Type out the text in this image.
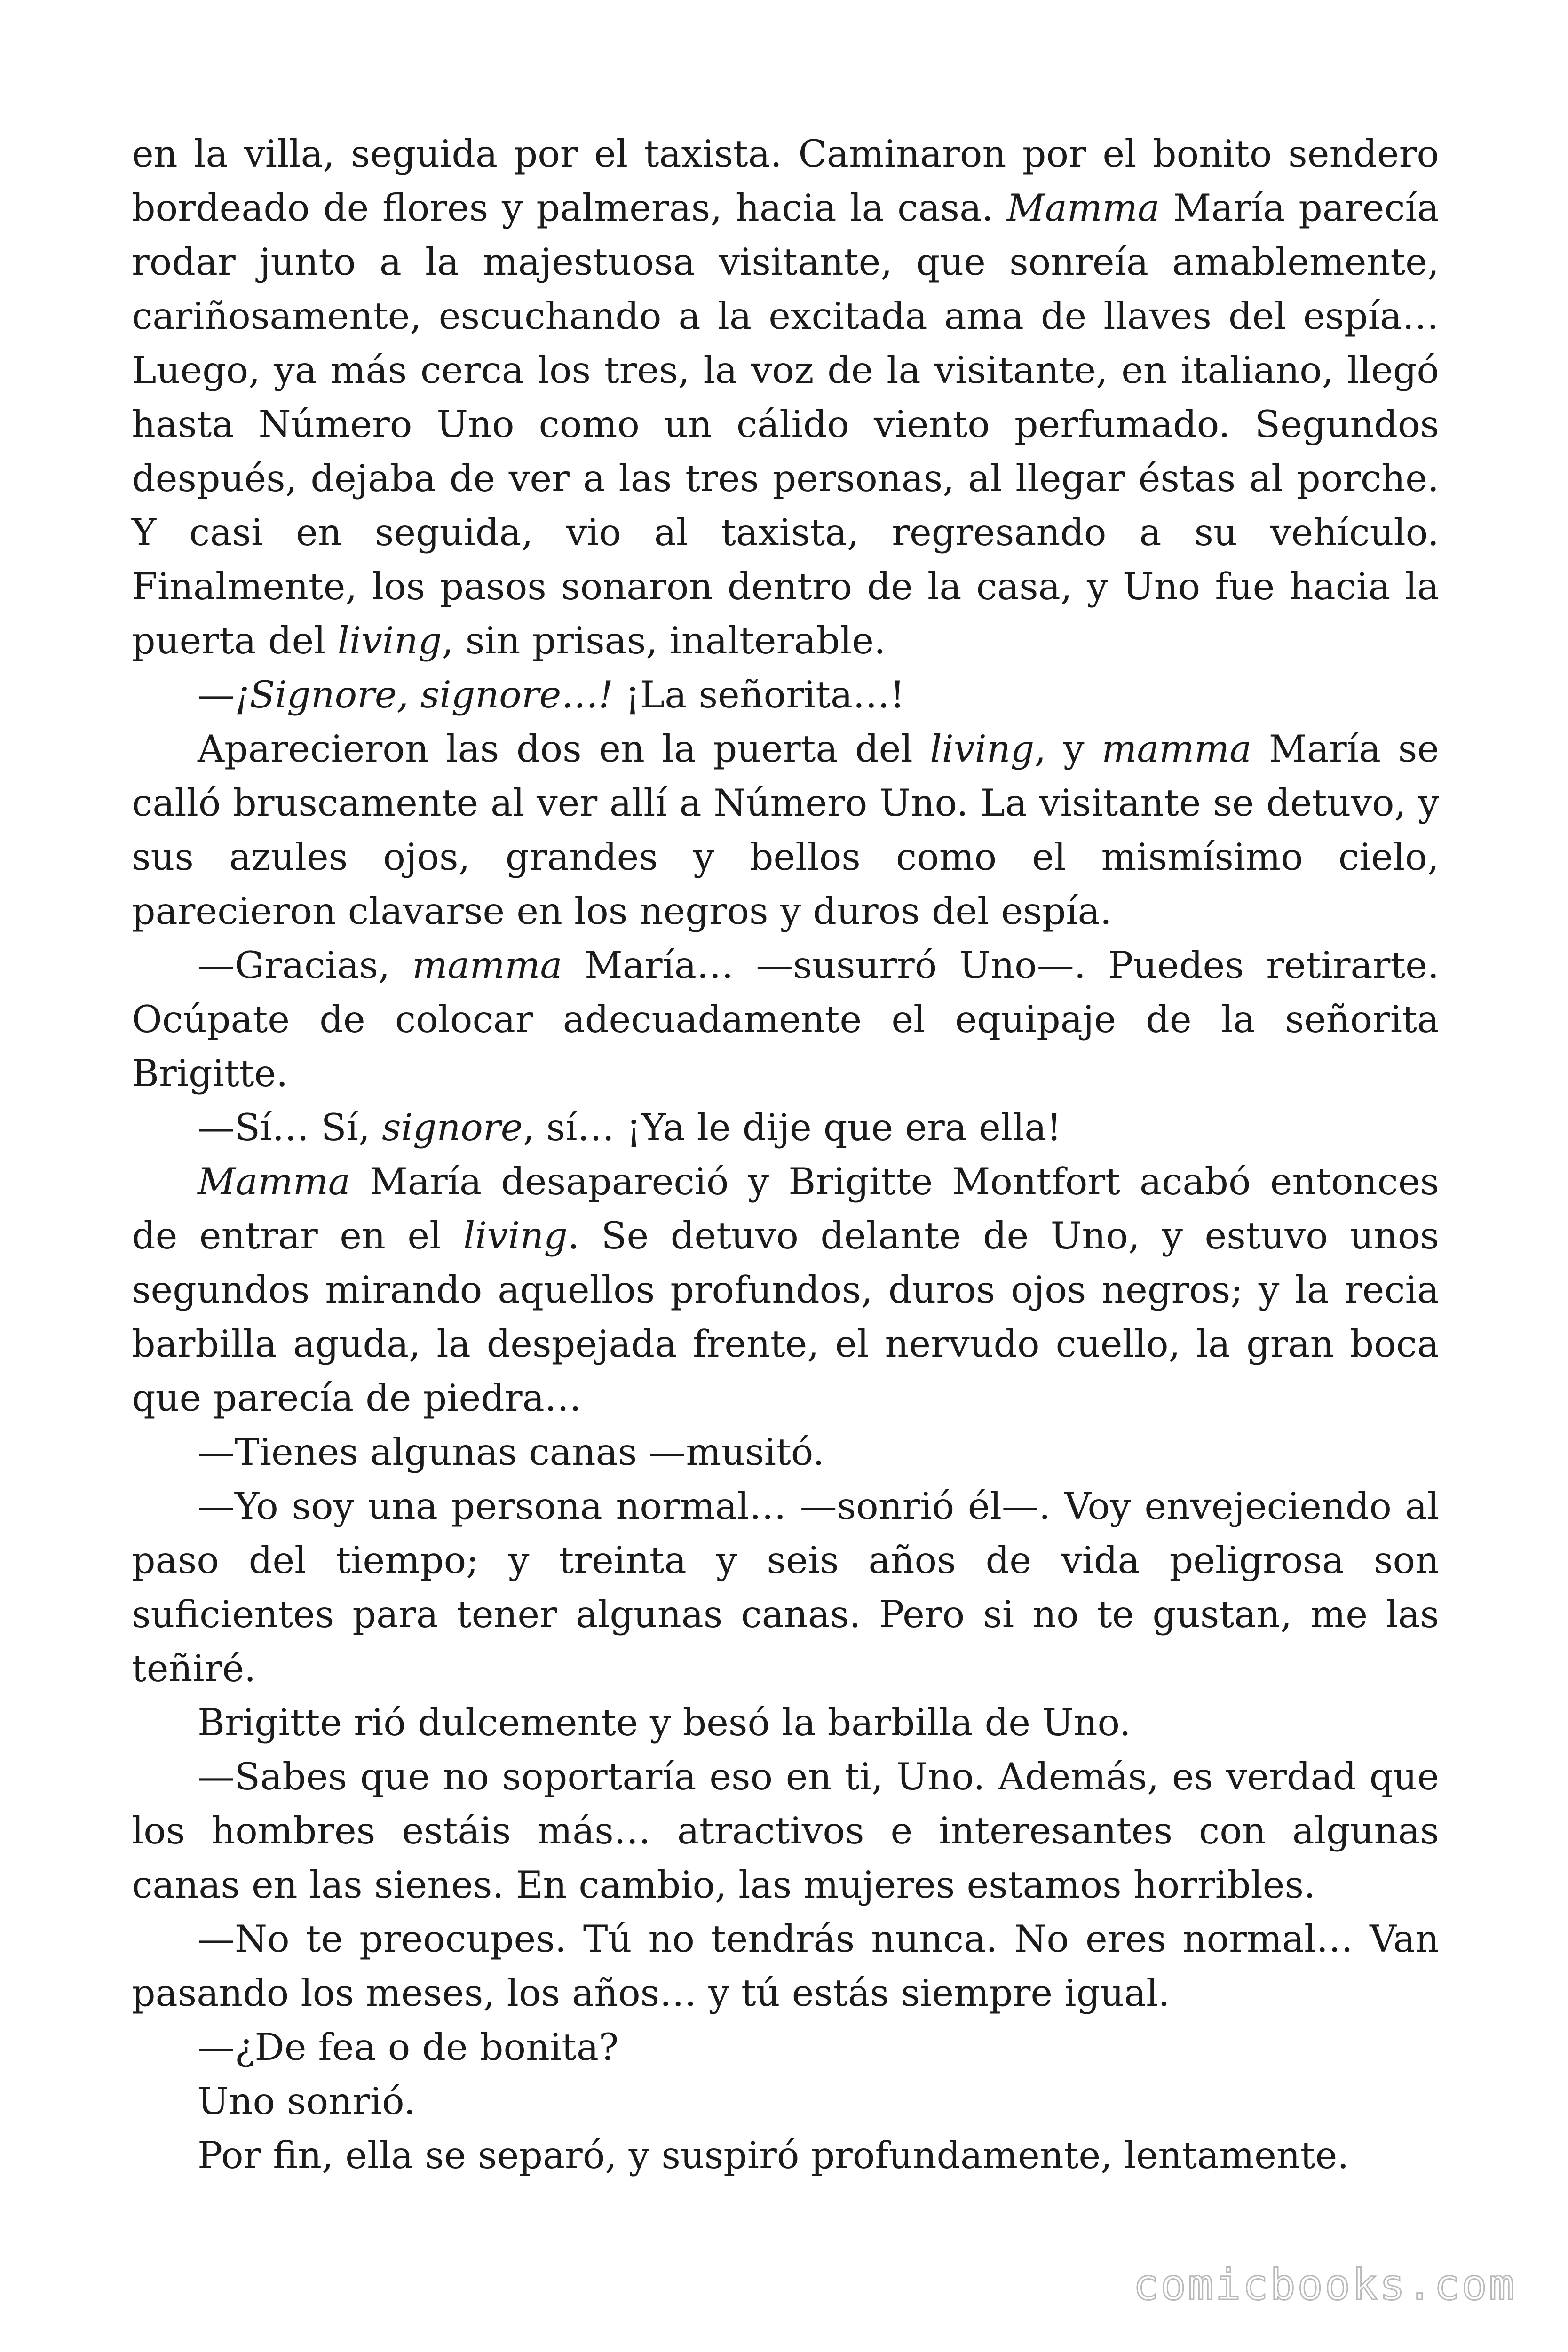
en la villa, seguida por el taxista. Caminaron por el bonito sendero bordeado de flores y palmeras, hacia la casa. Mamma María parecía rodar junto a la majestuosa visitante, que sonreía amablemente, cariñosamente, escuchando a la excitada ama de llaves del espía… Luego, ya más cerca los tres, la voz de la visitante, en italiano, llegó hasta Número Uno como un cálido viento perfumado. Segundos después, dejaba de ver a las tres personas, al llegar éstas al porche. Y casi en seguida, vio al taxista, regresando a su vehículo. Finalmente, los pasos sonaron dentro de la casa, y Uno fue hacia la puerta del living, sin prisas, inalterable.

—¡Signore, signore…! ¡La señorita…!

Aparecieron las dos en la puerta del living, y mamma María se calló bruscamente al ver allí a Número Uno. La visitante se detuvo, y sus azules ojos, grandes y bellos como el mismísimo cielo, parecieron clavarse en los negros y duros del espía.

—Gracias, mamma María… —susurró Uno—. Puedes retirarte. Ocúpate de colocar adecuadamente el equipaje de la señorita Brigitte.

—Sí… Sí, signore, sí… ¡Ya le dije que era ella!

Mamma María desapareció y Brigitte Montfort acabó entonces de entrar en el living. Se detuvo delante de Uno, y estuvo unos segundos mirando aquellos profundos, duros ojos negros; y la recia barbilla aguda, la despejada frente, el nervudo cuello, la gran boca que parecía de piedra…

—Tienes algunas canas —musitó.

—Yo soy una persona normal… —sonrió él—. Voy envejeciendo al paso del tiempo; y treinta y seis años de vida peligrosa son suficientes para tener algunas canas. Pero si no te gustan, me las teñiré.

Brigitte rió dulcemente y besó la barbilla de Uno.

—Sabes que no soportaría eso en ti, Uno. Además, es verdad que los hombres estáis más… atractivos e interesantes con algunas canas en las sienes. En cambio, las mujeres estamos horribles.

—No te preocupes. Tú no tendrás nunca. No eres normal… Van pasando los meses, los años… y tú estás siempre igual.

—¿De fea o de bonita?

Uno sonrió.

Por fin, ella se separó, y suspiró profundamente, lentamente.

comicbooks.com
